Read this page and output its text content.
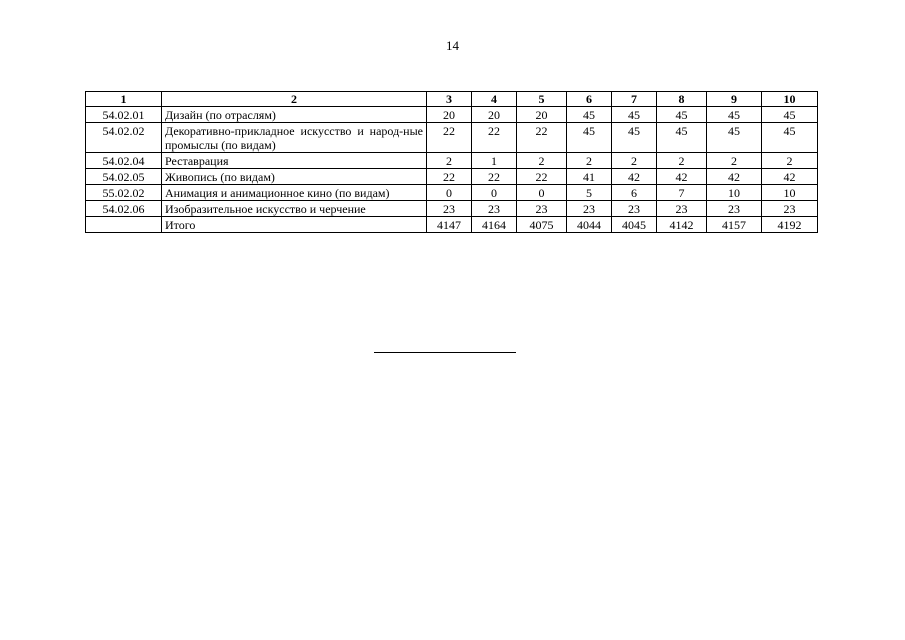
14
1	2	3	4	5	6	7	8	9	10
54.02.01	Дизайн (по отраслям)	20	20	20	45	45	45	45	45
54.02.02	Декоративно-прикладное искусство и народ-ные промыслы (по видам)	22	22	22	45	45	45	45	45
54.02.04	Реставрация	2	1	2	2	2	2	2	2
54.02.05	Живопись (по видам)	22	22	22	41	42	42	42	42
55.02.02	Анимация и анимационное кино (по видам)	0	0	0	5	6	7	10	10
54.02.06	Изобразительное искусство и черчение	23	23	23	23	23	23	23	23
	Итого	4147	4164	4075	4044	4045	4142	4157	4192
